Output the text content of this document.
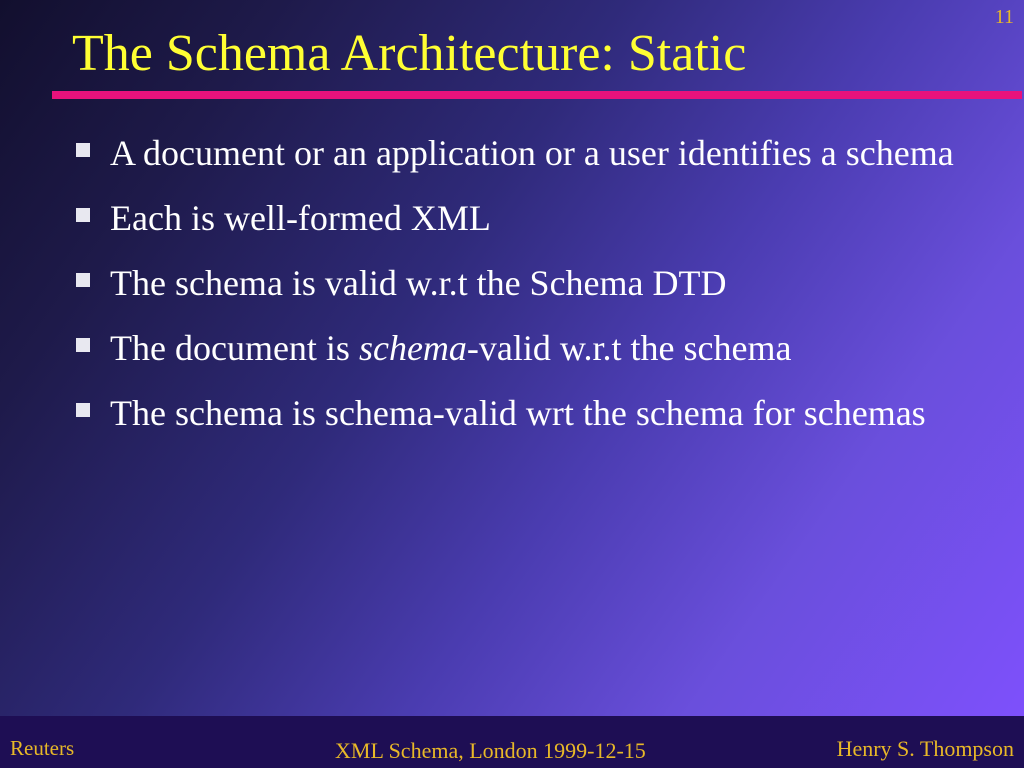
11
The Schema Architecture: Static
A document or an application or a user identifies a schema
Each is well-formed XML
The schema is valid w.r.t the Schema DTD
The document is schema-valid w.r.t the schema
The schema is schema-valid wrt the schema for schemas
Reuters	XML Schema, London 1999-12-15	Henry S. Thompson
